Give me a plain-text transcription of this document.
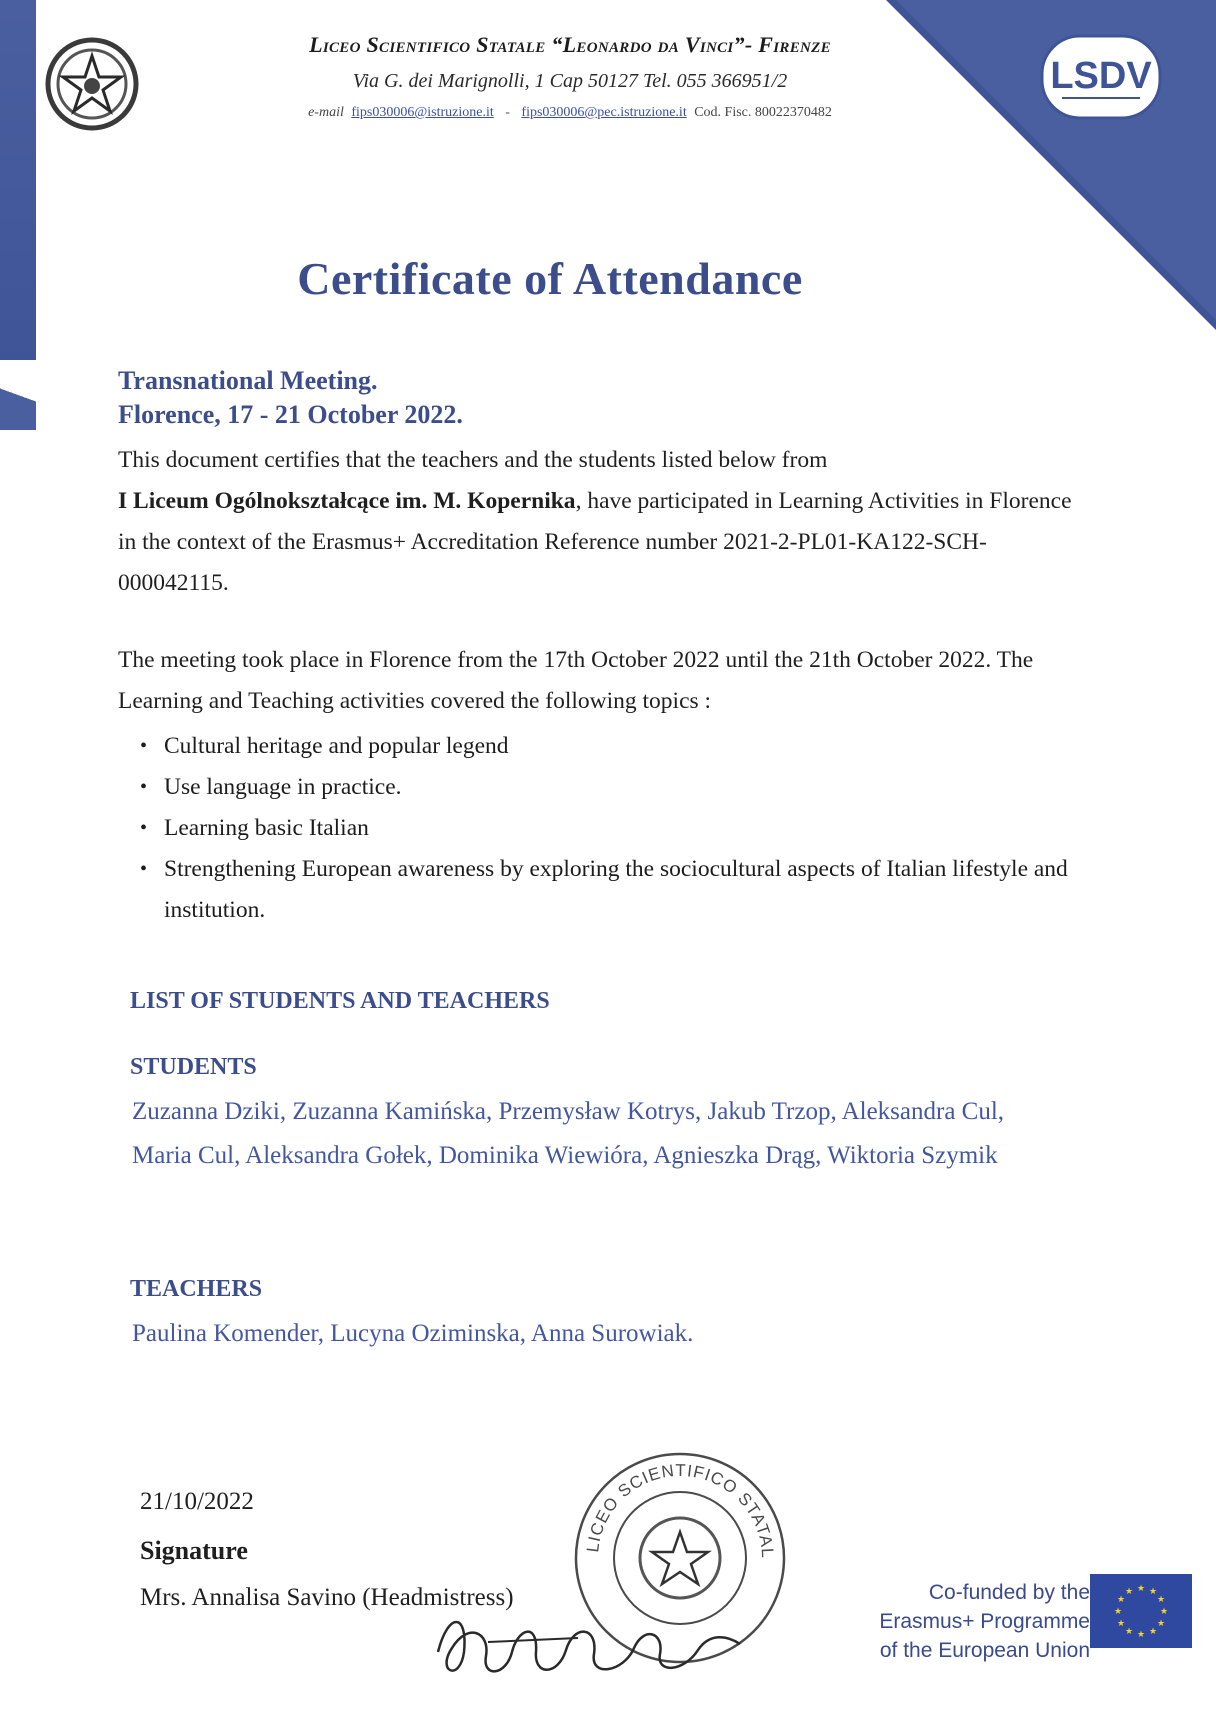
Liceo Scientifico Statale “Leonardo da Vinci”- Firenze
Via G. dei Marignolli, 1 Cap 50127 Tel. 055 366951/2
e-mail fips030006@istruzione.it - fips030006@pec.istruzione.it Cod. Fisc. 80022370482
LSDV
Certificate of Attendance
Transnational Meeting.
Florence, 17 - 21 October 2022.
This document certifies that the teachers and the students listed below from
I Liceum Ogólnokształcące im. M. Kopernika, have participated in Learning Activities in Florence in the context of the Erasmus+ Accreditation Reference number 2021-2-PL01-KA122-SCH-000042115.
The meeting took place in Florence from the 17th October 2022 until the 21th October 2022. The Learning and Teaching activities covered the following topics :
• Cultural heritage and popular legend
• Use language in practice.
• Learning basic Italian
• Strengthening European awareness by exploring the sociocultural aspects of Italian lifestyle and institution.
LIST OF STUDENTS AND TEACHERS
STUDENTS
Zuzanna Dziki, Zuzanna Kamińska, Przemysław Kotrys, Jakub Trzop, Aleksandra Cul, Maria Cul, Aleksandra Gołek, Dominika Wiewióra, Agnieszka Drąg, Wiktoria Szymik
TEACHERS
Paulina Komender, Lucyna Oziminska, Anna Surowiak.
21/10/2022
Signature
Mrs. Annalisa Savino (Headmistress)
LICEO SCIENTIFICO STATAL
Co-funded by the
Erasmus+ Programme
of the European Union
★ ★
★
★
★
★
★
★
★
★
★
★
